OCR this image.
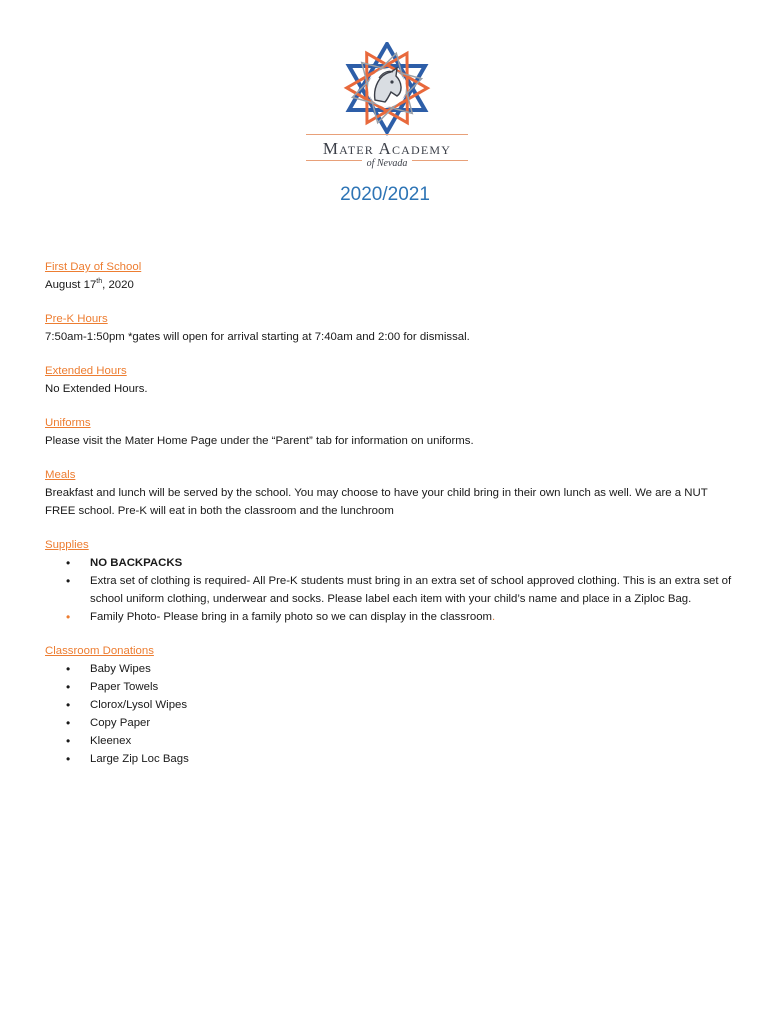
Mater Academy
of Nevada
2020/2021
First Day of School
August 17th, 2020
Pre-K Hours
7:50am-1:50pm *gates will open for arrival starting at 7:40am and 2:00 for dismissal.
Extended Hours
No Extended Hours.
Uniforms
Please visit the Mater Home Page under the “Parent” tab for information on uniforms.
Meals
Breakfast and lunch will be served by the school. You may choose to have your child bring in their own lunch as well. We are a NUT FREE school. Pre-K will eat in both the classroom and the lunchroom
Supplies
• NO BACKPACKS
• Extra set of clothing is required- All Pre-K students must bring in an extra set of school approved clothing. This is an extra set of school uniform clothing, underwear and socks. Please label each item with your child’s name and place in a Ziploc Bag.
• Family Photo- Please bring in a family photo so we can display in the classroom.
Classroom Donations
• Baby Wipes
• Paper Towels
• Clorox/Lysol Wipes
• Copy Paper
• Kleenex
• Large Zip Loc Bags
